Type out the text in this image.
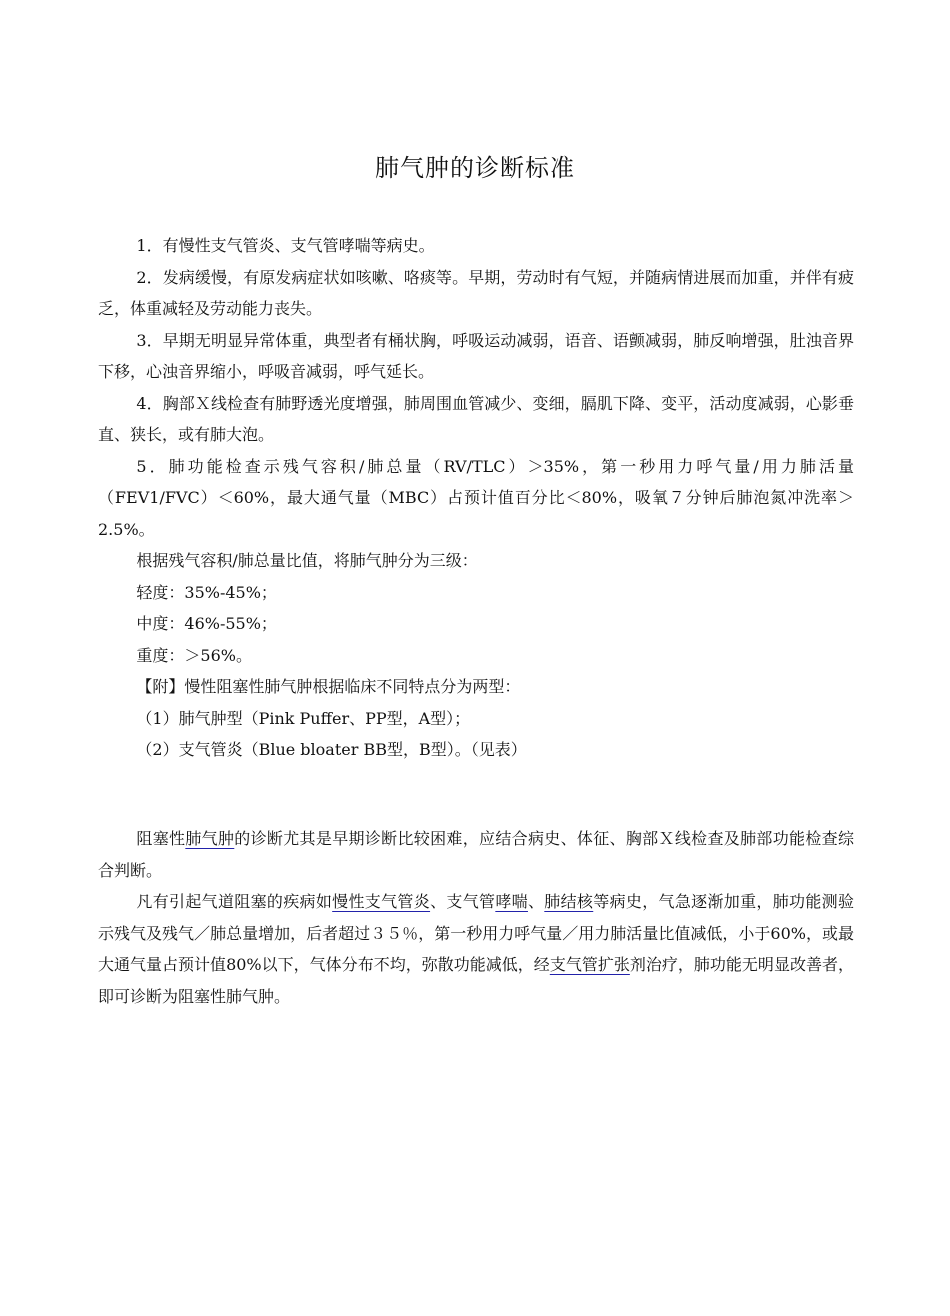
肺气肿的诊断标准

1．有慢性支气管炎、支气管哮喘等病史。

2．发病缓慢，有原发病症状如咳嗽、咯痰等。早期，劳动时有气短，并随病情进展而加重，并伴有疲乏，体重减轻及劳动能力丧失。

3．早期无明显异常体重，典型者有桶状胸，呼吸运动减弱，语音、语颤减弱，肺反响增强，肚浊音界下移，心浊音界缩小，呼吸音减弱，呼气延长。

4．胸部Ｘ线检查有肺野透光度增强，肺周围血管减少、变细，膈肌下降、变平，活动度减弱，心影垂直、狭长，或有肺大泡。

5．肺功能检查示残气容积/肺总量（RV/TLC）＞35%，第一秒用力呼气量/用力肺活量（FEV1/FVC）＜60%，最大通气量（MBC）占预计值百分比＜80%，吸氧７分钟后肺泡氮冲洗率＞2.5%。

根据残气容积/肺总量比值，将肺气肿分为三级：

轻度：35%-45%；

中度：46%-55%；

重度：＞56%。

【附】慢性阻塞性肺气肿根据临床不同特点分为两型：

（1）肺气肿型（Pink Puffer、PP型，A型）；

（2）支气管炎（Blue bloater BB型，B型）。（见表）

阻塞性肺气肿的诊断尤其是早期诊断比较困难，应结合病史、体征、胸部Ｘ线检查及肺部功能检查综合判断。

凡有引起气道阻塞的疾病如慢性支气管炎、支气管哮喘、肺结核等病史，气急逐渐加重，肺功能测验示残气及残气／肺总量增加，后者超过３５％，第一秒用力呼气量／用力肺活量比值减低，小于60%，或最大通气量占预计值80%以下，气体分布不均，弥散功能减低，经支气管扩张剂治疗，肺功能无明显改善者，即可诊断为阻塞性肺气肿。
